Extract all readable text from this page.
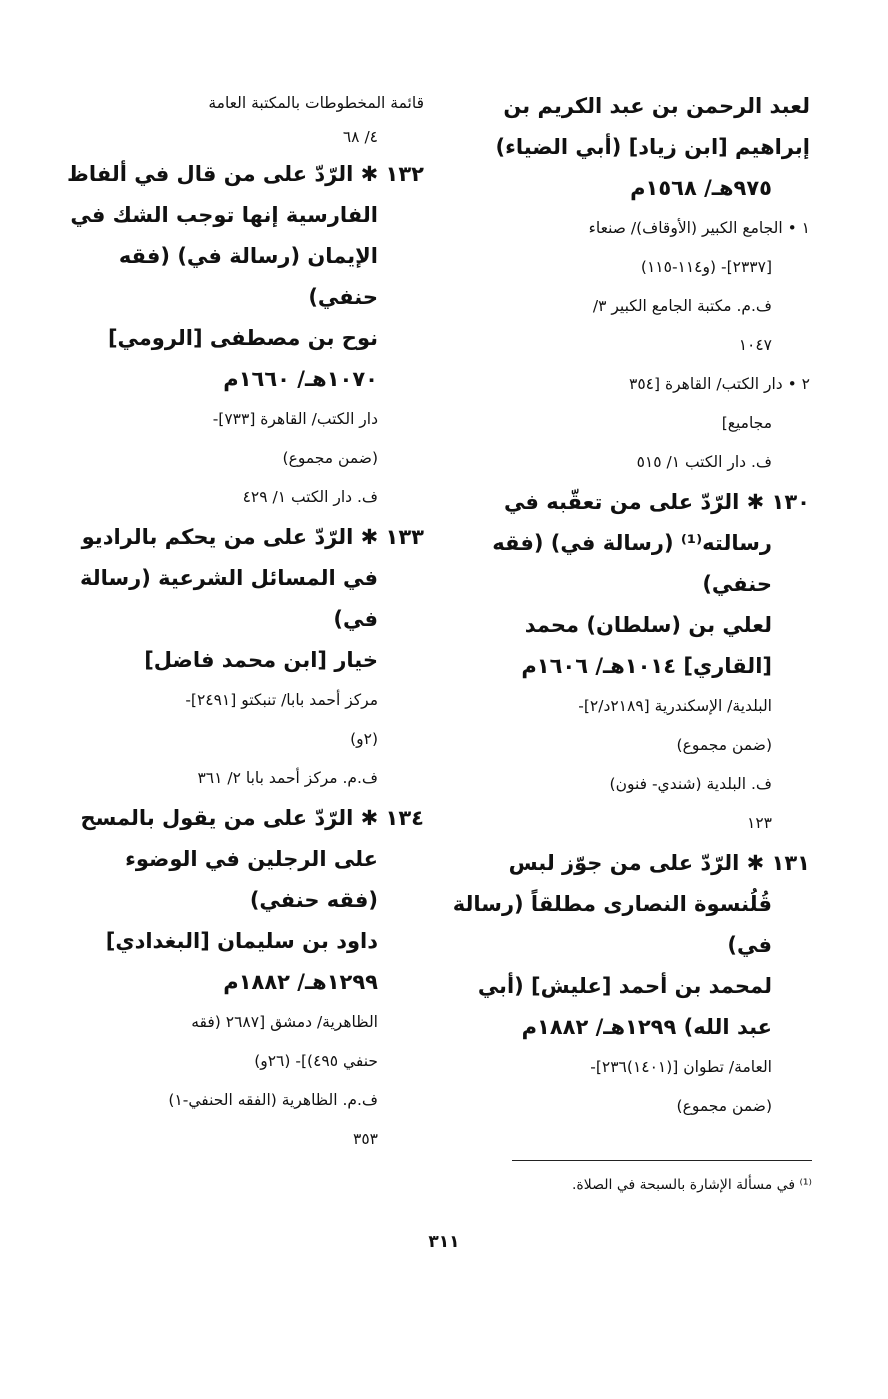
لعبد الرحمن بن عبد الكريم بن
إبراهيم [ابن زياد] (أبي الضياء)
٩٧٥هـ/ ١٥٦٨م
١ • الجامع الكبير (الأوقاف)/ صنعاء
[٢٣٣٧]- (و١١٤-١١٥)
ف.م. مكتبة الجامع الكبير ٣/
١٠٤٧
٢ • دار الكتب/ القاهرة [٣٥٤
مجاميع]
ف. دار الكتب ١/ ٥١٥
١٣٠ ✱ الرّدّ على من تعقّبه في
رسالته⁽¹⁾ (رسالة في) (فقه
حنفي)
لعلي بن (سلطان) محمد
[القاري] ١٠١٤هـ/ ١٦٠٦م
البلدية/ الإسكندرية [٢١٨٩د/٢]-
(ضمن مجموع)
ف. البلدية (شندي- فنون)
١٢٣
١٣١ ✱ الرّدّ على من جوّز لبس
قُلُنسوة النصارى مطلقاً (رسالة
في)
لمحمد بن أحمد [عليش] (أبي
عبد الله) ١٢٩٩هـ/ ١٨٨٢م
العامة/ تطوان [(١٤٠١)٢٣٦]-
(ضمن مجموع)
قائمة المخطوطات بالمكتبة العامة
٤/ ٦٨
١٣٢ ✱ الرّدّ على من قال في ألفاظ
الفارسية إنها توجب الشك في
الإيمان (رسالة في) (فقه
حنفي)
نوح بن مصطفى [الرومي]
١٠٧٠هـ/ ١٦٦٠م
دار الكتب/ القاهرة [٧٣٣]-
(ضمن مجموع)
ف. دار الكتب ١/ ٤٢٩
١٣٣ ✱ الرّدّ على من يحكم بالراديو
في المسائل الشرعية (رسالة
في)
خيار [ابن محمد فاضل]
مركز أحمد بابا/ تنبكتو [٢٤٩١]-
(٢و)
ف.م. مركز أحمد بابا ٢/ ٣٦١
١٣٤ ✱ الرّدّ على من يقول بالمسح
على الرجلين في الوضوء
(فقه حنفي)
داود بن سليمان [البغدادي]
١٢٩٩هـ/ ١٨٨٢م
الظاهرية/ دمشق [٢٦٨٧ (فقه
حنفي ٤٩٥)]- (٢٦و)
ف.م. الظاهرية (الفقه الحنفي-١)
٣٥٣
⁽¹⁾ في مسألة الإشارة بالسبحة في الصلاة.
٣١١
